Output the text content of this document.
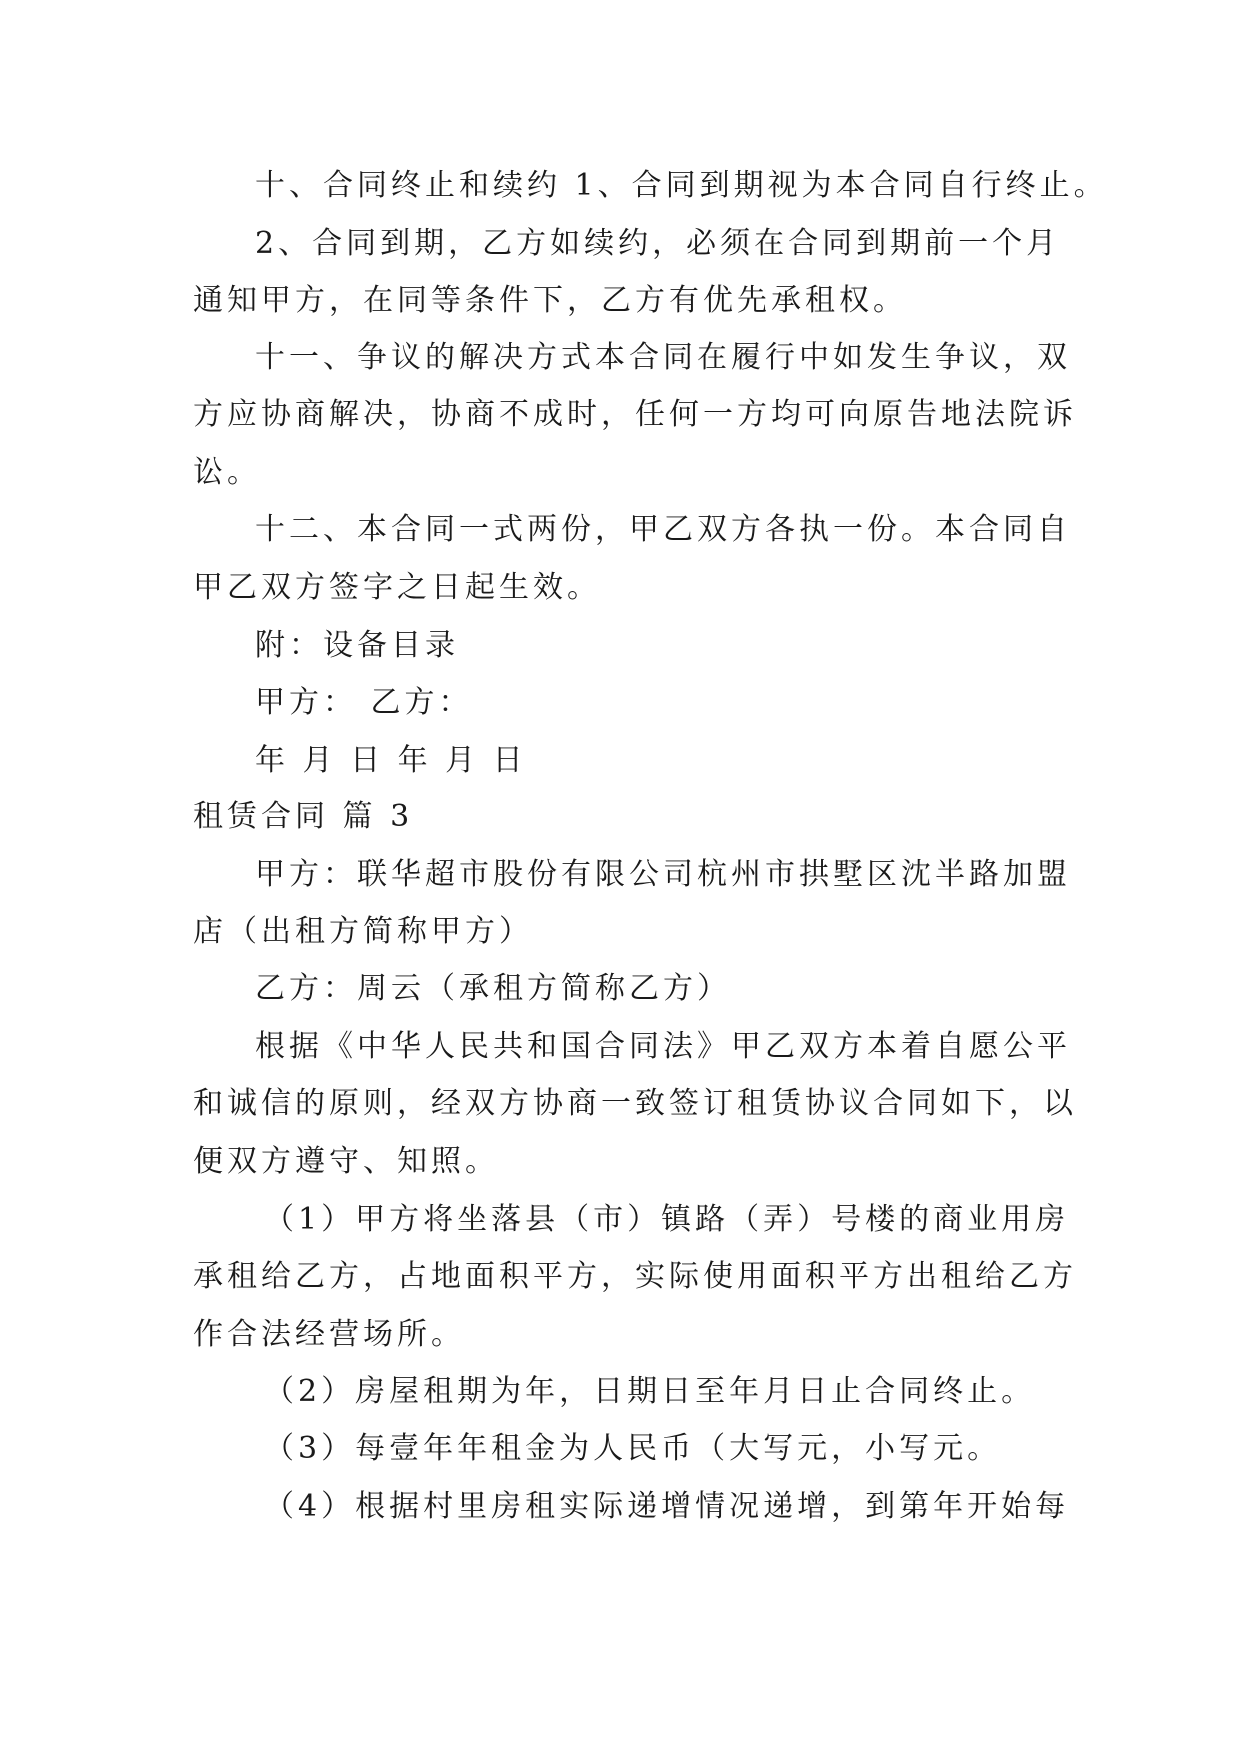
十、合同终止和续约 1、合同到期视为本合同自行终止。
2、合同到期，乙方如续约，必须在合同到期前一个月
通知甲方，在同等条件下，乙方有优先承租权。
十一、争议的解决方式本合同在履行中如发生争议，双
方应协商解决，协商不成时，任何一方均可向原告地法院诉
讼。
十二、本合同一式两份，甲乙双方各执一份。本合同自
甲乙双方签字之日起生效。
附：设备目录
甲方： 乙方：
年 月 日 年 月 日
租赁合同 篇 3
甲方：联华超市股份有限公司杭州市拱墅区沈半路加盟
店（出租方简称甲方）
乙方：周云（承租方简称乙方）
根据《中华人民共和国合同法》甲乙双方本着自愿公平
和诚信的原则，经双方协商一致签订租赁协议合同如下，以
便双方遵守、知照。
（1）甲方将坐落县（市）镇路（弄）号楼的商业用房
承租给乙方，占地面积平方，实际使用面积平方出租给乙方
作合法经营场所。
（2）房屋租期为年，日期日至年月日止合同终止。
（3）每壹年年租金为人民币（大写元，小写元。
（4）根据村里房租实际递增情况递增，到第年开始每
